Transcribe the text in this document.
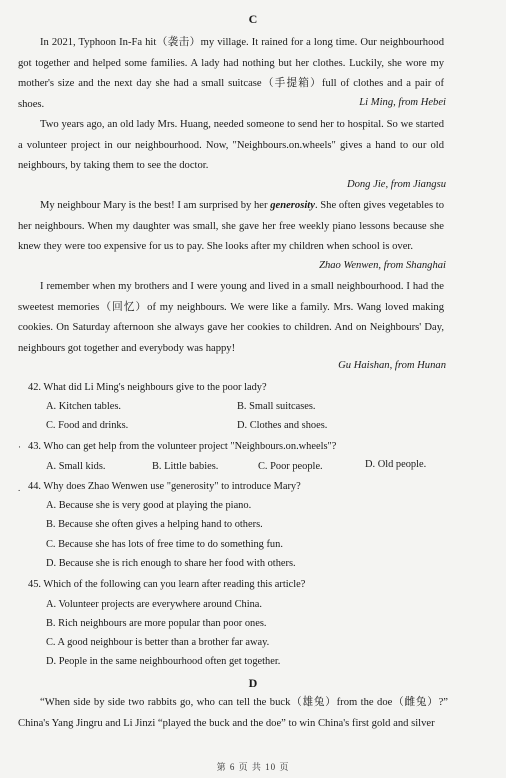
C
In 2021, Typhoon In-Fa hit（袭击）my village. It rained for a long time. Our neighbourhood got together and helped some families. A lady had nothing but her clothes. Luckily, she wore my mother's size and the next day she had a small suitcase（手提箱）full of clothes and a pair of shoes.	Li Ming, from Hebei
Two years ago, an old lady Mrs. Huang, needed someone to send her to hospital. So we started a volunteer project in our neighbourhood. Now, "Neighbours.on.wheels" gives a hand to our old neighbours, by taking them to see the doctor.
Dong Jie, from Jiangsu
My neighbour Mary is the best! I am surprised by her generosity. She often gives vegetables to her neighbours. When my daughter was small, she gave her free weekly piano lessons because she knew they were too expensive for us to pay. She looks after my children when school is over.
Zhao Wenwen, from Shanghai
I remember when my brothers and I were young and lived in a small neighbourhood. I had the sweetest memories（回忆）of my neighbours. We were like a family. Mrs. Wang loved making cookies. On Saturday afternoon she always gave her cookies to children. And on Neighbours' Day, neighbours got together and everybody was happy!
Gu Haishan, from Hunan
42. What did Li Ming's neighbours give to the poor lady?
A. Kitchen tables.	B. Small suitcases.
C. Food and drinks.	D. Clothes and shoes.
· 43. Who can get help from the volunteer project "Neighbours.on.wheels"?
A. Small kids.	B. Little babies.	C. Poor people.	D. Old people.
. 44. Why does Zhao Wenwen use "generosity" to introduce Mary?
A. Because she is very good at playing the piano.
B. Because she often gives a helping hand to others.
C. Because she has lots of free time to do something fun.
D. Because she is rich enough to share her food with others.
45. Which of the following can you learn after reading this article?
A. Volunteer projects are everywhere around China.
B. Rich neighbours are more popular than poor ones.
C. A good neighbour is better than a brother far away.
D. People in the same neighbourhood often get together.
D
“When side by side two rabbits go, who can tell the buck（雄兔）from the doe（雌兔）?” China's Yang Jingru and Li Jinzi “played the buck and the doe” to win China's first gold and silver
第 6 页 共 10 页
